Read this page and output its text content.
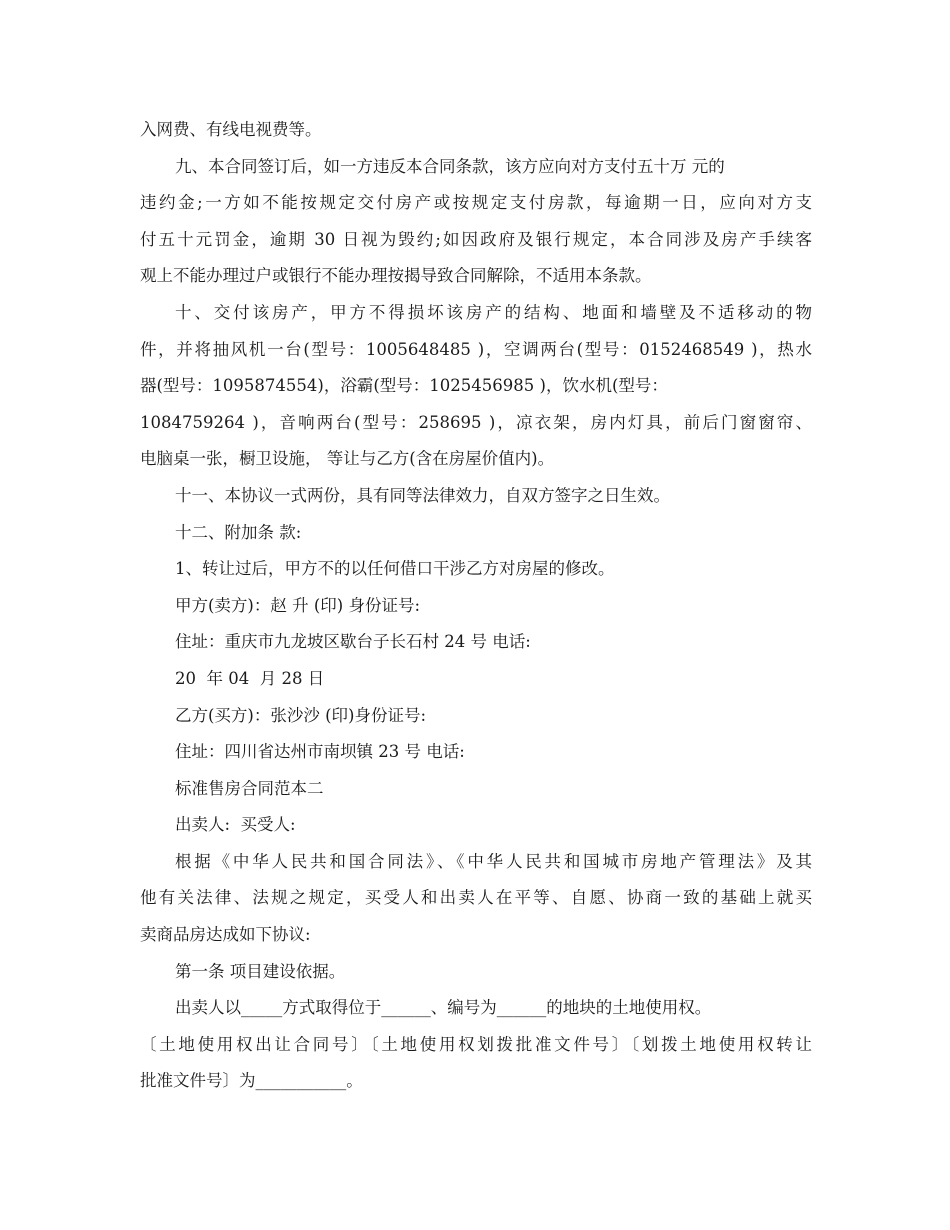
入网费、有线电视费等。
九、本合同签订后，如一方违反本合同条款，该方应向对方支付五十万 元的
违约金;一方如不能按规定交付房产或按规定支付房款，每逾期一日，应向对方支
付五十元罚金，逾期 30 日视为毁约;如因政府及银行规定，本合同涉及房产手续客
观上不能办理过户或银行不能办理按揭导致合同解除，不适用本条款。
十、交付该房产，甲方不得损坏该房产的结构、地面和墙壁及不适移动的物
件，并将抽风机一台(型号：1005648485 )，空调两台(型号：0152468549 )，热水
器(型号：1095874554)，浴霸(型号：1025456985 )，饮水机(型号：
1084759264 )，音响两台(型号：258695 )，凉衣架，房内灯具，前后门窗窗帘、
电脑桌一张，橱卫设施， 等让与乙方(含在房屋价值内)。
十一、本协议一式两份，具有同等法律效力，自双方签字之日生效。
十二、附加条 款:
1、转让过后，甲方不的以任何借口干涉乙方对房屋的修改。
甲方(卖方)：赵 升 (印) 身份证号:
住址：重庆市九龙坡区歇台子长石村 24 号 电话:
20  年 04  月 28 日
乙方(买方)：张沙沙 (印)身份证号:
住址：四川省达州市南坝镇 23 号 电话:
标准售房合同范本二
出卖人:  买受人:
根据《中华人民共和国合同法》、《中华人民共和国城市房地产管理法》及其
他有关法律、法规之规定，买受人和出卖人在平等、自愿、协商一致的基础上就买
卖商品房达成如下协议:
第一条 项目建设依据。
出卖人以_____方式取得位于______、编号为______的地块的土地使用权。
〔土地使用权出让合同号〕〔土地使用权划拨批准文件号〕〔划拨土地使用权转让
批准文件号〕为___________。
